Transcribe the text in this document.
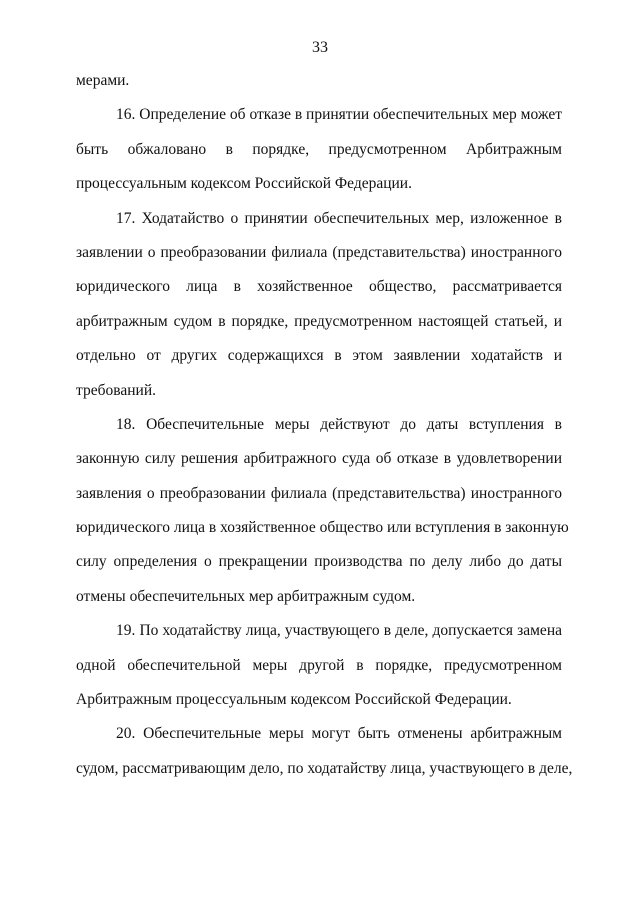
33
мерами.
16. Определение об отказе в принятии обеспечительных мер может
быть обжаловано в порядке, предусмотренном Арбитражным
процессуальным кодексом Российской Федерации.
17. Ходатайство о принятии обеспечительных мер, изложенное в
заявлении о преобразовании филиала (представительства) иностранного
юридического лица в хозяйственное общество, рассматривается
арбитражным судом в порядке, предусмотренном настоящей статьей, и
отдельно от других содержащихся в этом заявлении ходатайств и
требований.
18. Обеспечительные меры действуют до даты вступления в
законную силу решения арбитражного суда об отказе в удовлетворении
заявления о преобразовании филиала (представительства) иностранного
юридического лица в хозяйственное общество или вступления в законную
силу определения о прекращении производства по делу либо до даты
отмены обеспечительных мер арбитражным судом.
19. По ходатайству лица, участвующего в деле, допускается замена
одной обеспечительной меры другой в порядке, предусмотренном
Арбитражным процессуальным кодексом Российской Федерации.
20. Обеспечительные меры могут быть отменены арбитражным
судом, рассматривающим дело, по ходатайству лица, участвующего в деле,
